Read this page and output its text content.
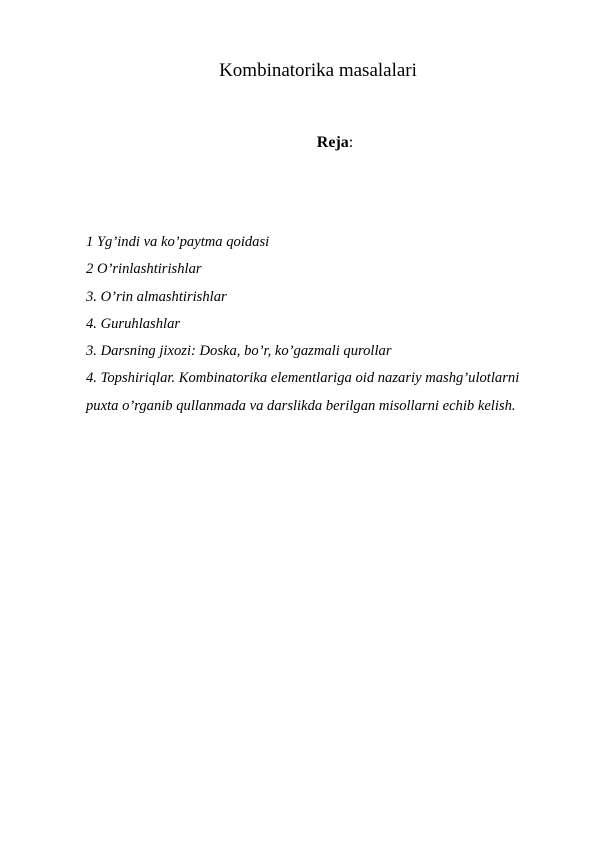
Kombinatorika masalalari
Reja:
1 Yg’indi va ko’paytma qoidasi
2 O’rinlashtirishlar
3. O’rin almashtirishlar
4. Guruhlashlar
3. Darsning jixozi: Doska, bo’r, ko’gazmali qurollar
4. Topshiriqlar. Kombinatorika elementlariga oid nazariy mashg’ulotlarni puxta o’rganib qullanmada va darslikda berilgan misollarni echib kelish.
